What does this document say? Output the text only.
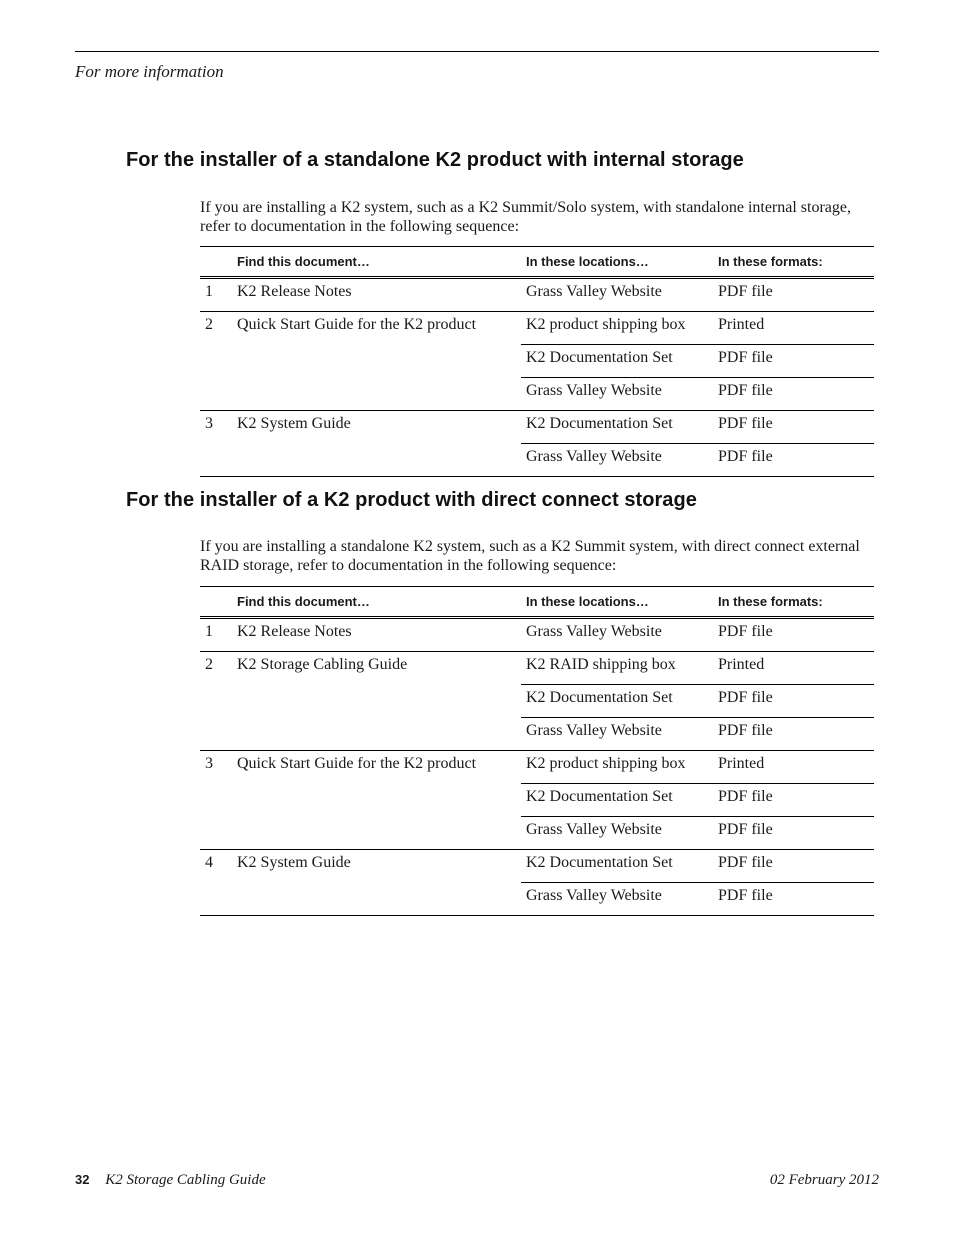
For more information
For the installer of a standalone K2 product with internal storage

If you are installing a K2 system, such as a K2 Summit/Solo system, with standalone internal storage, refer to documentation in the following sequence:

	Find this document…	In these locations…	In these formats:
1	K2 Release Notes	Grass Valley Website	PDF file
2	Quick Start Guide for the K2 product	K2 product shipping box	Printed
		K2 Documentation Set	PDF file
		Grass Valley Website	PDF file
3	K2 System Guide	K2 Documentation Set	PDF file
		Grass Valley Website	PDF file
For the installer of a K2 product with direct connect storage

If you are installing a standalone K2 system, such as a K2 Summit system, with direct connect external RAID storage, refer to documentation in the following sequence:

	Find this document…	In these locations…	In these formats:
1	K2 Release Notes	Grass Valley Website	PDF file
2	K2 Storage Cabling Guide	K2 RAID shipping box	Printed
		K2 Documentation Set	PDF file
		Grass Valley Website	PDF file
3	Quick Start Guide for the K2 product	K2 product shipping box	Printed
		K2 Documentation Set	PDF file
		Grass Valley Website	PDF file
4	K2 System Guide	K2 Documentation Set	PDF file
		Grass Valley Website	PDF file
32 K2 Storage Cabling Guide	02 February 2012
